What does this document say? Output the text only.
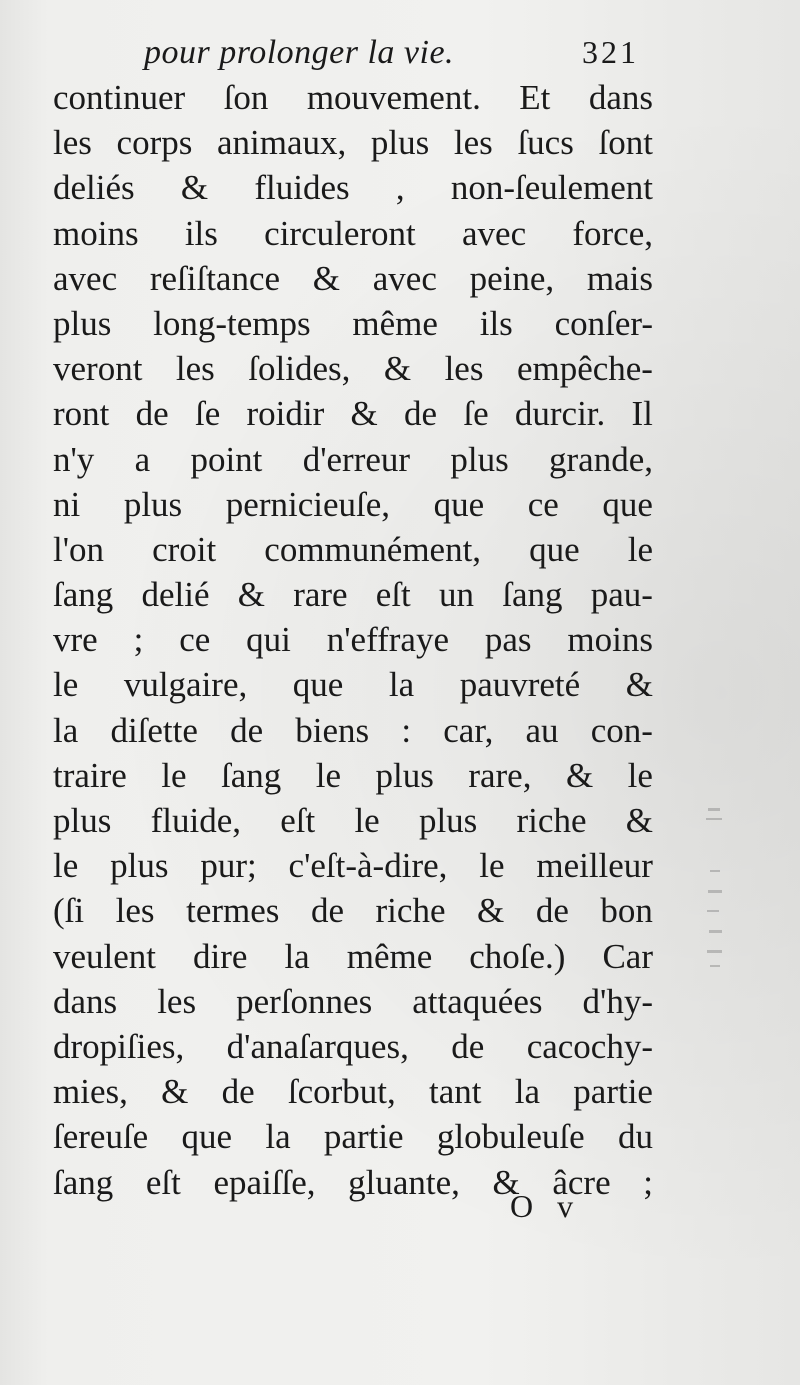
pour prolonger la vie.	321
continuer ſon mouvement. Et dans
les corps animaux, plus les ſucs ſont
deliés & fluides , non-ſeulement
moins ils circuleront avec force,
avec reſiſtance & avec peine, mais
plus long-temps même ils conſer-
veront les ſolides, & les empêche-
ront de ſe roidir & de ſe durcir. Il
n'y a point d'erreur plus grande,
ni plus pernicieuſe, que ce que
l'on croit communément, que le
ſang delié & rare eſt un ſang pau-
vre ; ce qui n'effraye pas moins
le vulgaire, que la pauvreté &
la diſette de biens : car, au con-
traire le ſang le plus rare, & le
plus fluide, eſt le plus riche &
le plus pur; c'eſt-à-dire, le meilleur
(ſi les termes de riche & de bon
veulent dire la même choſe.) Car
dans les perſonnes attaquées d'hy-
dropiſies, d'anaſarques, de cacochy-
mies, & de ſcorbut, tant la partie
ſereuſe que la partie globuleuſe du
ſang eſt epaiſſe, gluante, & âcre ;
O v
